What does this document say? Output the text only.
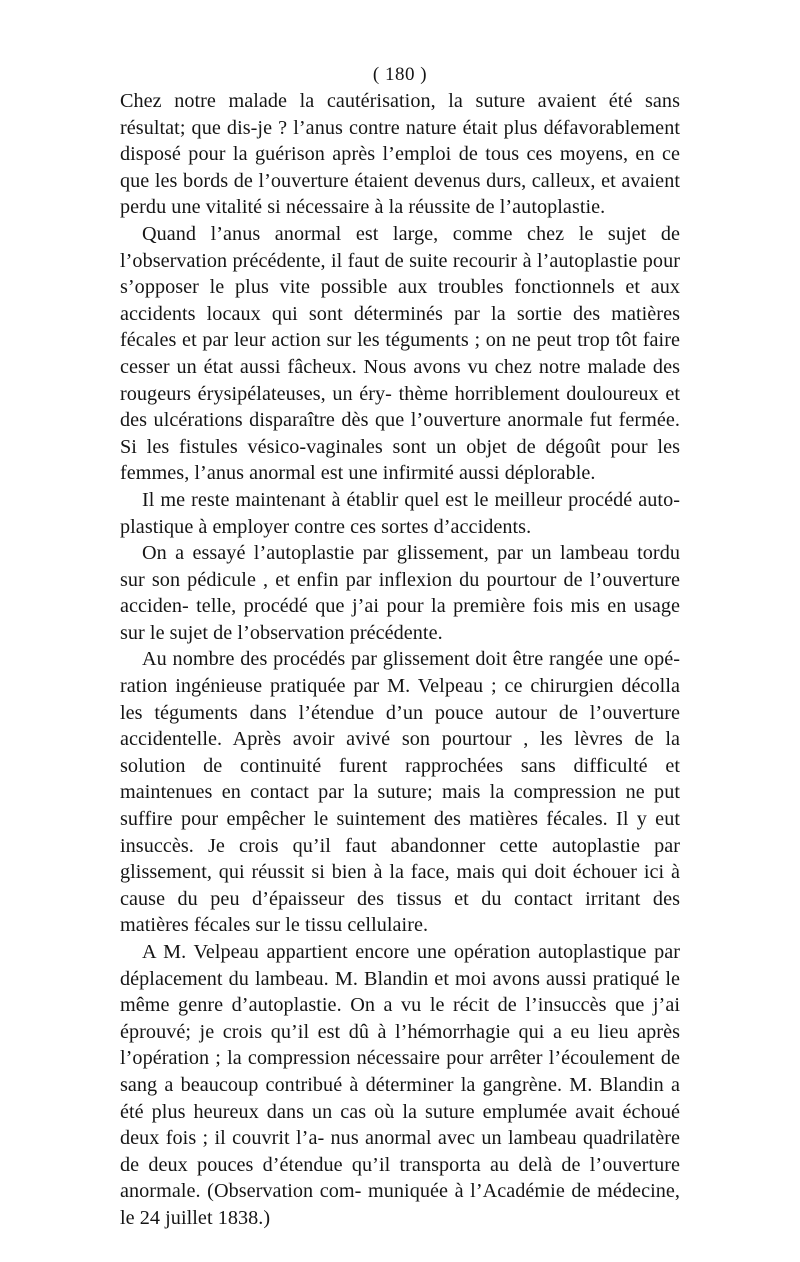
( 180 )

Chez notre malade la cautérisation, la suture avaient été sans résultat; que dis-je ? l’anus contre nature était plus défavorablement disposé pour la guérison après l’emploi de tous ces moyens, en ce que les bords de l’ouverture étaient devenus durs, calleux, et avaient perdu une vitalité si nécessaire à la réussite de l’autoplastie.

Quand l’anus anormal est large, comme chez le sujet de l’observation précédente, il faut de suite recourir à l’autoplastie pour s’opposer le plus vite possible aux troubles fonctionnels et aux accidents locaux qui sont déterminés par la sortie des matières fécales et par leur action sur les téguments ; on ne peut trop tôt faire cesser un état aussi fâcheux. Nous avons vu chez notre malade des rougeurs érysipélateuses, un éry- thème horriblement douloureux et des ulcérations disparaître dès que l’ouverture anormale fut fermée. Si les fistules vésico-vaginales sont un objet de dégoût pour les femmes, l’anus anormal est une infirmité aussi déplorable.

Il me reste maintenant à établir quel est le meilleur procédé auto- plastique à employer contre ces sortes d’accidents.

On a essayé l’autoplastie par glissement, par un lambeau tordu sur son pédicule , et enfin par inflexion du pourtour de l’ouverture acciden- telle, procédé que j’ai pour la première fois mis en usage sur le sujet de l’observation précédente.

Au nombre des procédés par glissement doit être rangée une opé- ration ingénieuse pratiquée par M. Velpeau ; ce chirurgien décolla les téguments dans l’étendue d’un pouce autour de l’ouverture accidentelle. Après avoir avivé son pourtour , les lèvres de la solution de continuité furent rapprochées sans difficulté et maintenues en contact par la suture; mais la compression ne put suffire pour empêcher le suintement des matières fécales. Il y eut insuccès. Je crois qu’il faut abandonner cette autoplastie par glissement, qui réussit si bien à la face, mais qui doit échouer ici à cause du peu d’épaisseur des tissus et du contact irritant des matières fécales sur le tissu cellulaire.

A M. Velpeau appartient encore une opération autoplastique par déplacement du lambeau. M. Blandin et moi avons aussi pratiqué le même genre d’autoplastie. On a vu le récit de l’insuccès que j’ai éprouvé; je crois qu’il est dû à l’hémorrhagie qui a eu lieu après l’opération ; la compression nécessaire pour arrêter l’écoulement de sang a beaucoup contribué à déterminer la gangrène. M. Blandin a été plus heureux dans un cas où la suture emplumée avait échoué deux fois ; il couvrit l’a- nus anormal avec un lambeau quadrilatère de deux pouces d’étendue qu’il transporta au delà de l’ouverture anormale. (Observation com- muniquée à l’Académie de médecine, le 24 juillet 1838.)
